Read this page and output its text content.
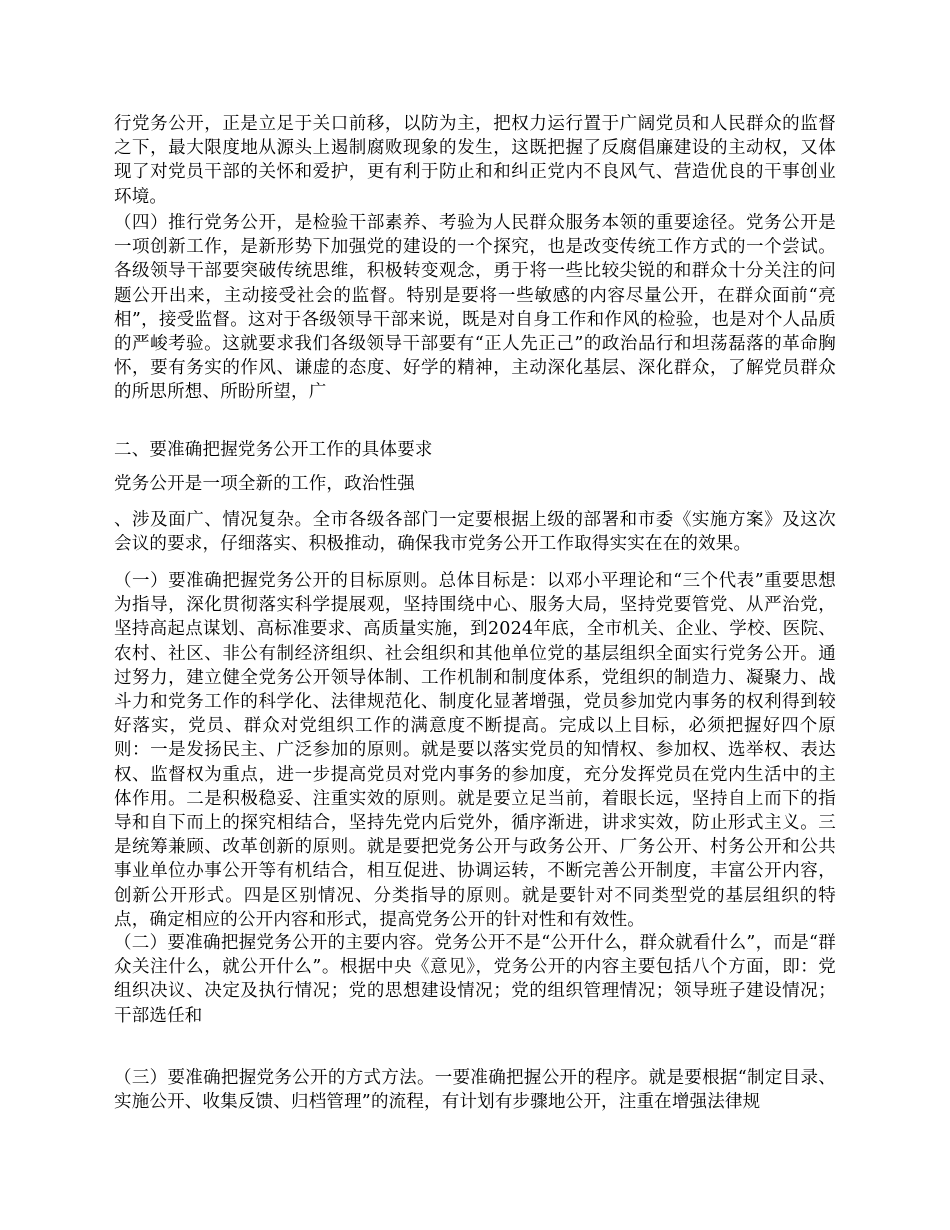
行党务公开，正是立足于关口前移，以防为主，把权力运行置于广阔党员和人民群众的监督之下，最大限度地从源头上遏制腐败现象的发生，这既把握了反腐倡廉建设的主动权，又体现了对党员干部的关怀和爱护，更有利于防止和和纠正党内不良风气、营造优良的干事创业环境。

（四）推行党务公开，是检验干部素养、考验为人民群众服务本领的重要途径。党务公开是一项创新工作，是新形势下加强党的建设的一个探究，也是改变传统工作方式的一个尝试。各级领导干部要突破传统思维，积极转变观念，勇于将一些比较尖锐的和群众十分关注的问题公开出来，主动接受社会的监督。特别是要将一些敏感的内容尽量公开，在群众面前“亮相”，接受监督。这对于各级领导干部来说，既是对自身工作和作风的检验，也是对个人品质的严峻考验。这就要求我们各级领导干部要有“正人先正己”的政治品行和坦荡磊落的革命胸怀，要有务实的作风、谦虚的态度、好学的精神，主动深化基层、深化群众，了解党员群众的所思所想、所盼所望，广

二、要准确把握党务公开工作的具体要求

党务公开是一项全新的工作，政治性强

、涉及面广、情况复杂。全市各级各部门一定要根据上级的部署和市委《实施方案》及这次会议的要求，仔细落实、积极推动，确保我市党务公开工作取得实实在在的效果。

（一）要准确把握党务公开的目标原则。总体目标是：以邓小平理论和“三个代表”重要思想为指导，深化贯彻落实科学提展观，坚持围绕中心、服务大局，坚持党要管党、从严治党，坚持高起点谋划、高标准要求、高质量实施，到2024年底，全市机关、企业、学校、医院、农村、社区、非公有制经济组织、社会组织和其他单位党的基层组织全面实行党务公开。通过努力，建立健全党务公开领导体制、工作机制和制度体系，党组织的制造力、凝聚力、战斗力和党务工作的科学化、法律规范化、制度化显著增强，党员参加党内事务的权利得到较好落实，党员、群众对党组织工作的满意度不断提高。完成以上目标，必须把握好四个原则：一是发扬民主、广泛参加的原则。就是要以落实党员的知情权、参加权、选举权、表达权、监督权为重点，进一步提高党员对党内事务的参加度，充分发挥党员在党内生活中的主体作用。二是积极稳妥、注重实效的原则。就是要立足当前，着眼长远，坚持自上而下的指导和自下而上的探究相结合，坚持先党内后党外，循序渐进，讲求实效，防止形式主义。三是统筹兼顾、改革创新的原则。就是要把党务公开与政务公开、厂务公开、村务公开和公共事业单位办事公开等有机结合，相互促进、协调运转，不断完善公开制度，丰富公开内容，创新公开形式。四是区别情况、分类指导的原则。就是要针对不同类型党的基层组织的特点，确定相应的公开内容和形式，提高党务公开的针对性和有效性。

（二）要准确把握党务公开的主要内容。党务公开不是“公开什么，群众就看什么”，而是“群众关注什么，就公开什么”。根据中央《意见》，党务公开的内容主要包括八个方面，即：党组织决议、决定及执行情况；党的思想建设情况；党的组织管理情况；领导班子建设情况；干部选任和

（三）要准确把握党务公开的方式方法。一要准确把握公开的程序。就是要根据“制定目录、实施公开、收集反馈、归档管理”的流程，有计划有步骤地公开，注重在增强法律规
